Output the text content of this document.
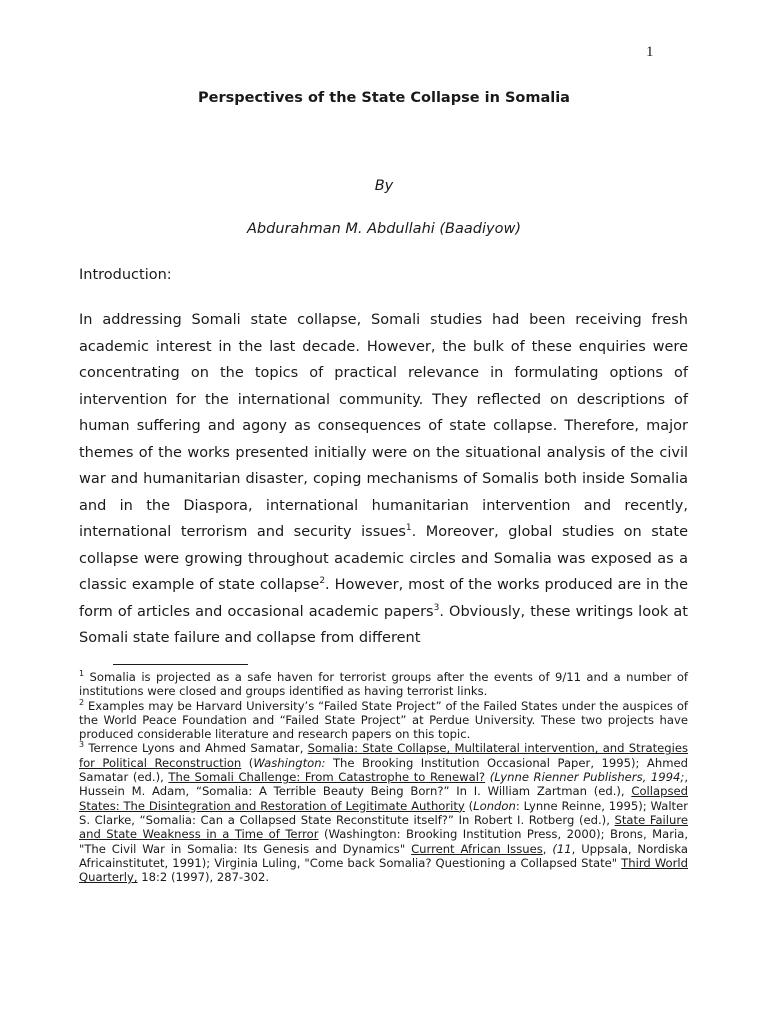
1
Perspectives of the State Collapse in Somalia
By
Abdurahman M. Abdullahi (Baadiyow)
Introduction:

In addressing Somali state collapse, Somali studies had been receiving fresh academic interest in the last decade. However, the bulk of these enquiries were concentrating on the topics of practical relevance in formulating options of intervention for the international community. They reflected on descriptions of human suffering and agony as consequences of state collapse. Therefore, major themes of the works presented initially were on the situational analysis of the civil war and humanitarian disaster, coping mechanisms of Somalis both inside Somalia and in the Diaspora, international humanitarian intervention and recently, international terrorism and security issues$^1$. Moreover, global studies on state collapse were growing throughout academic circles and Somalia was exposed as a classic example of state collapse$^2$. However, most of the works produced are in the form of articles and occasional academic papers$^3$. Obviously, these writings look at Somali state failure and collapse from different

$^1$ Somalia is projected as a safe haven for terrorist groups after the events of 9/11 and a number of institutions were closed and groups identified as having terrorist links.

$^2$ Examples may be Harvard University’s “Failed State Project” of the Failed States under the auspices of the World Peace Foundation and “Failed State Project” at Perdue University. These two projects have produced considerable literature and research papers on this topic.

$^3$ Terrence Lyons and Ahmed Samatar, Somalia: State Collapse, Multilateral intervention, and Strategies for Political Reconstruction (Washington: The Brooking Institution Occasional Paper, 1995); Ahmed Samatar (ed.), The Somali Challenge: From Catastrophe to Renewal? (Lynne Rienner Publishers, 1994;, Hussein M. Adam, “Somalia: A Terrible Beauty Being Born?” In I. William Zartman (ed.), Collapsed States: The Disintegration and Restoration of Legitimate Authority (London: Lynne Reinne, 1995); Walter S. Clarke, “Somalia: Can a Collapsed State Reconstitute itself?” In Robert I. Rotberg (ed.), State Failure and State Weakness in a Time of Terror (Washington: Brooking Institution Press, 2000); Brons, Maria, "The Civil War in Somalia: Its Genesis and Dynamics" Current African Issues, (11, Uppsala, Nordiska Africainstitutet, 1991); Virginia Luling, "Come back Somalia? Questioning a Collapsed State" Third World Quarterly, 18:2 (1997), 287-302.
